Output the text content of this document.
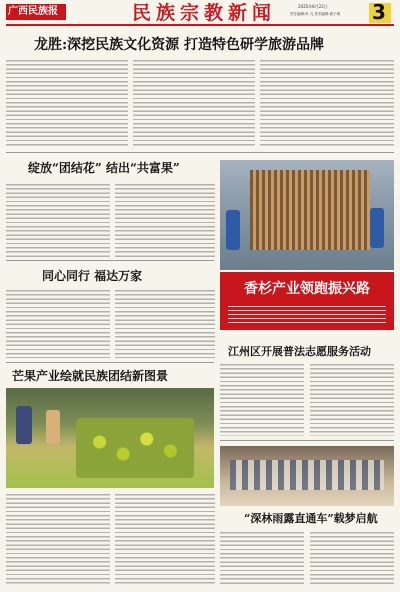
广西民族报	民族宗教新闻	2025年8月22日
责任编辑:肖 凡 美术编辑:唐子琪 3
龙胜:深挖民族文化资源 打造特色研学旅游品牌
绽放“团结花” 结出“共富果”
同心同行 福达万家
芒果产业绘就民族团结新图景
香杉产业领跑振兴路
江州区开展普法志愿服务活动
“深林雨露直通车”载梦启航
